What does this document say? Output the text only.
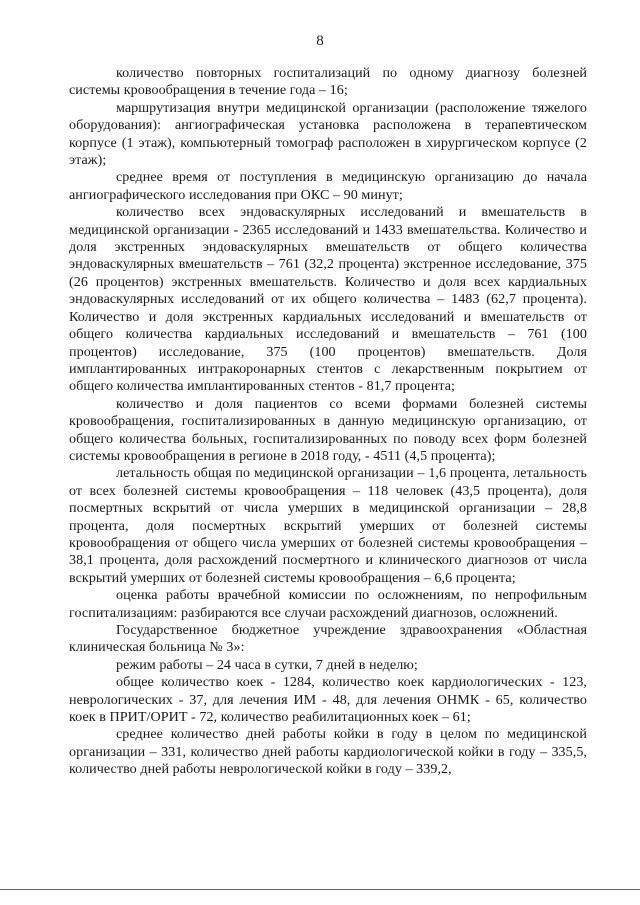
8

количество повторных госпитализаций по одному диагнозу болезней системы кровообращения в течение года – 16;

маршрутизация внутри медицинской организации (расположение тяжелого оборудования): ангиографическая установка расположена в терапевтическом корпусе (1 этаж), компьютерный томограф расположен в хирургическом корпусе (2 этаж);

среднее время от поступления в медицинскую организацию до начала ангиографического исследования при ОКС – 90 минут;

количество всех эндоваскулярных исследований и вмешательств в медицинской организации - 2365 исследований и 1433 вмешательства. Количество и доля экстренных эндоваскулярных вмешательств от общего количества эндоваскулярных вмешательств – 761 (32,2 процента) экстренное исследование, 375 (26 процентов) экстренных вмешательств. Количество и доля всех кардиальных эндоваскулярных исследований от их общего количества – 1483 (62,7 процента). Количество и доля экстренных кардиальных исследований и вмешательств от общего количества кардиальных исследований и вмешательств – 761 (100 процентов) исследование, 375 (100 процентов) вмешательств. Доля имплантированных интракоронарных стентов с лекарственным покрытием от общего количества имплантированных стентов - 81,7 процента;

количество и доля пациентов со всеми формами болезней системы кровообращения, госпитализированных в данную медицинскую организацию, от общего количества больных, госпитализированных по поводу всех форм болезней системы кровообращения в регионе в 2018 году, - 4511 (4,5 процента);

летальность общая по медицинской организации – 1,6 процента, летальность от всех болезней системы кровообращения – 118 человек (43,5 процента), доля посмертных вскрытий от числа умерших в медицинской организации – 28,8 процента, доля посмертных вскрытий умерших от болезней системы кровообращения от общего числа умерших от болезней системы кровообращения – 38,1 процента, доля расхождений посмертного и клинического диагнозов от числа вскрытий умерших от болезней системы кровообращения – 6,6 процента;

оценка работы врачебной комиссии по осложнениям, по непрофильным госпитализациям: разбираются все случаи расхождений диагнозов, осложнений.

Государственное бюджетное учреждение здравоохранения «Областная клиническая больница № 3»:

режим работы – 24 часа в сутки, 7 дней в неделю;

общее количество коек - 1284, количество коек кардиологических - 123, неврологических - 37, для лечения ИМ - 48, для лечения ОНМК - 65, количество коек в ПРИТ/ОРИТ - 72, количество реабилитационных коек – 61;

среднее количество дней работы койки в году в целом по медицинской организации – 331, количество дней работы кардиологической койки в году – 335,5, количество дней работы неврологической койки в году – 339,2,
